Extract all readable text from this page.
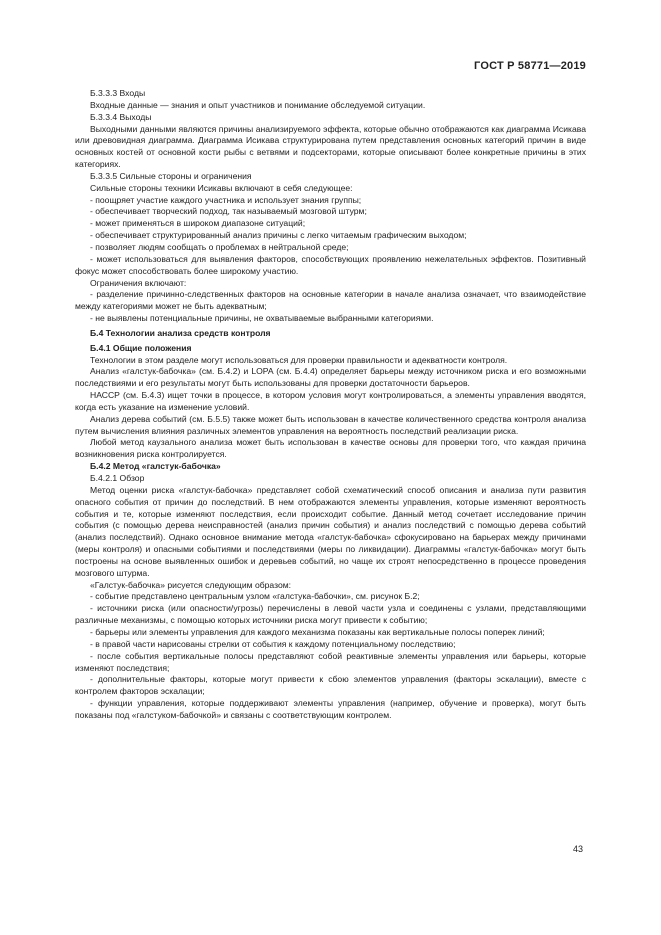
ГОСТ Р 58771—2019

Б.3.3.3 Входы

Входные данные — знания и опыт участников и понимание обследуемой ситуации.

Б.3.3.4 Выходы

Выходными данными являются причины анализируемого эффекта, которые обычно отображаются как диаграмма Исикава или древовидная диаграмма. Диаграмма Исикава структурирована путем представления основных категорий причин в виде основных костей от основной кости рыбы с ветвями и подсекторами, которые описывают более конкретные причины в этих категориях.

Б.3.3.5 Сильные стороны и ограничения

Сильные стороны техники Исикавы включают в себя следующее:

- поощряет участие каждого участника и использует знания группы;

- обеспечивает творческий подход, так называемый мозговой штурм;

- может применяться в широком диапазоне ситуаций;

- обеспечивает структурированный анализ причины с легко читаемым графическим выходом;

- позволяет людям сообщать о проблемах в нейтральной среде;

- может использоваться для выявления факторов, способствующих проявлению нежелательных эффектов. Позитивный фокус может способствовать более широкому участию.

Ограничения включают:

- разделение причинно-следственных факторов на основные категории в начале анализа означает, что взаимодействие между категориями может не быть адекватным;

- не выявлены потенциальные причины, не охватываемые выбранными категориями.

Б.4 Технологии анализа средств контроля

Б.4.1 Общие положения

Технологии в этом разделе могут использоваться для проверки правильности и адекватности контроля.

Анализ «галстук-бабочка» (см. Б.4.2) и LOPA (см. Б.4.4) определяет барьеры между источником риска и его возможными последствиями и его результаты могут быть использованы для проверки достаточности барьеров.

НАССР (см. Б.4.3) ищет точки в процессе, в котором условия могут контролироваться, а элементы управления вводятся, когда есть указание на изменение условий.

Анализ дерева событий (см. Б.5.5) также может быть использован в качестве количественного средства контроля анализа путем вычисления влияния различных элементов управления на вероятность последствий реализации риска.

Любой метод каузального анализа может быть использован в качестве основы для проверки того, что каждая причина возникновения риска контролируется.

Б.4.2 Метод «галстук-бабочка»

Б.4.2.1 Обзор

Метод оценки риска «галстук-бабочка» представляет собой схематический способ описания и анализа пути развития опасного события от причин до последствий. В нем отображаются элементы управления, которые изменяют вероятность события и те, которые изменяют последствия, если происходит событие. Данный метод сочетает исследование причин события (с помощью дерева неисправностей (анализ причин события) и анализ последствий с помощью дерева событий (анализ последствий). Однако основное внимание метода «галстук-бабочка» сфокусировано на барьерах между причинами (меры контроля) и опасными событиями и последствиями (меры по ликвидации). Диаграммы «галстук-бабочка» могут быть построены на основе выявленных ошибок и деревьев событий, но чаще их строят непосредственно в процессе проведения мозгового штурма.

«Галстук-бабочка» рисуется следующим образом:

- событие представлено центральным узлом «галстука-бабочки», см. рисунок Б.2;

- источники риска (или опасности/угрозы) перечислены в левой части узла и соединены с узлами, представляющими различные механизмы, с помощью которых источники риска могут привести к событию;

- барьеры или элементы управления для каждого механизма показаны как вертикальные полосы поперек линий;

- в правой части нарисованы стрелки от события к каждому потенциальному последствию;

- после события вертикальные полосы представляют собой реактивные элементы управления или барьеры, которые изменяют последствия;

- дополнительные факторы, которые могут привести к сбою элементов управления (факторы эскалации), вместе с контролем факторов эскалации;

- функции управления, которые поддерживают элементы управления (например, обучение и проверка), могут быть показаны под «галстуком-бабочкой» и связаны с соответствующим контролем.

43
